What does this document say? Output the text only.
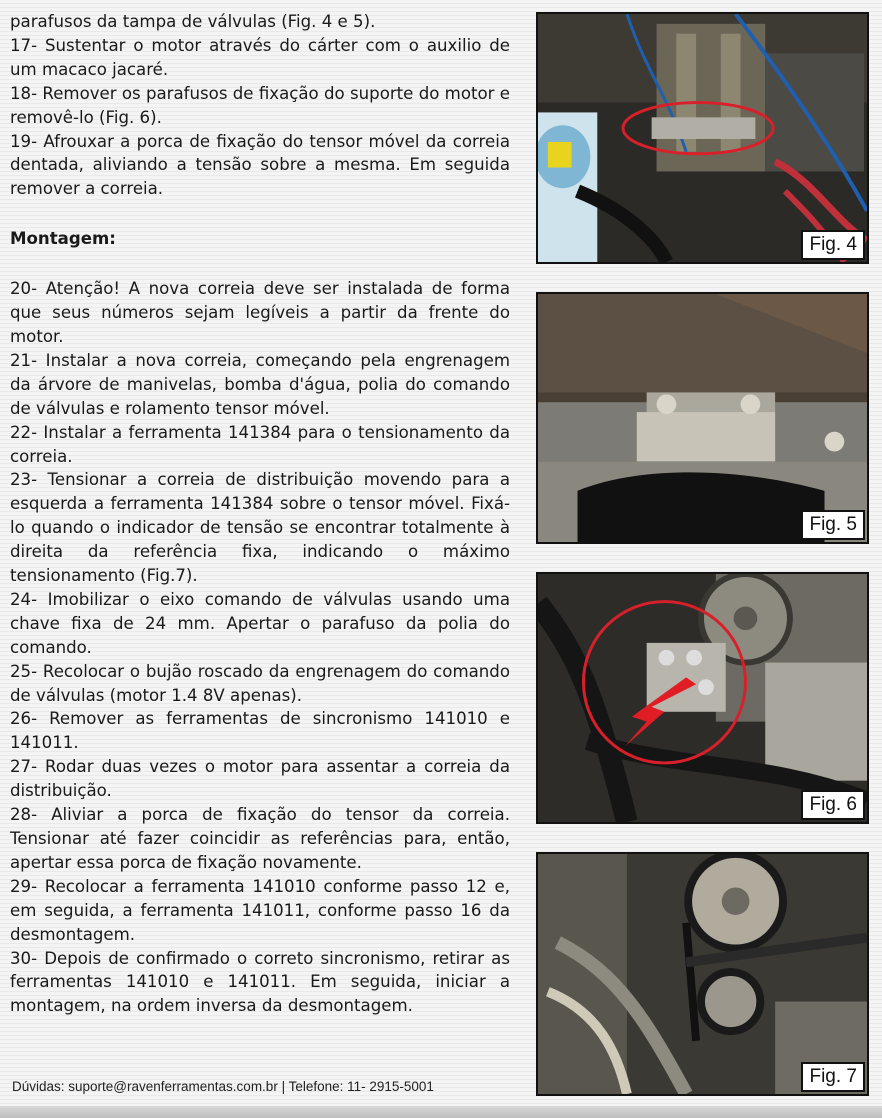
parafusos da tampa de válvulas (Fig. 4 e 5).

17- Sustentar o motor através do cárter com o auxilio de um macaco jacaré.

18- Remover os parafusos de fixação do suporte do motor e removê-lo (Fig. 6).

19- Afrouxar a porca de fixação do tensor móvel da correia dentada, aliviando a tensão sobre a mesma. Em seguida remover a correia.

Montagem:

20- Atenção! A nova correia deve ser instalada de forma que seus números sejam legíveis a partir da frente do motor.

21- Instalar a nova correia, começando pela engrenagem da árvore de manivelas, bomba d'água, polia do comando de válvulas e rolamento tensor móvel.

22- Instalar a ferramenta 141384 para o tensionamento da correia.

23- Tensionar a correia de distribuição movendo para a esquerda a ferramenta 141384 sobre o tensor móvel. Fixá-lo quando o indicador de tensão se encontrar totalmente à direita da referência fixa, indicando o máximo tensionamento (Fig.7).

24- Imobilizar o eixo comando de válvulas usando uma chave fixa de 24 mm. Apertar o parafuso da polia do comando.

25- Recolocar o bujão roscado da engrenagem do comando de válvulas (motor 1.4 8V apenas).

26- Remover as ferramentas de sincronismo 141010 e 141011.

27- Rodar duas vezes o motor para assentar a correia da distribuição.

28- Aliviar a porca de fixação do tensor da correia. Tensionar até fazer coincidir as referências para, então, apertar essa porca de fixação novamente.

29- Recolocar a ferramenta 141010 conforme passo 12 e, em seguida, a ferramenta 141011, conforme passo 16 da desmontagem.

30- Depois de confirmado o correto sincronismo, retirar as ferramentas 141010 e 141011. Em seguida, iniciar a montagem, na ordem inversa da desmontagem.

Fig. 4
Fig. 5
Fig. 6
Fig. 7
Dúvidas: suporte@ravenferramentas.com.br | Telefone: 11- 2915-5001
